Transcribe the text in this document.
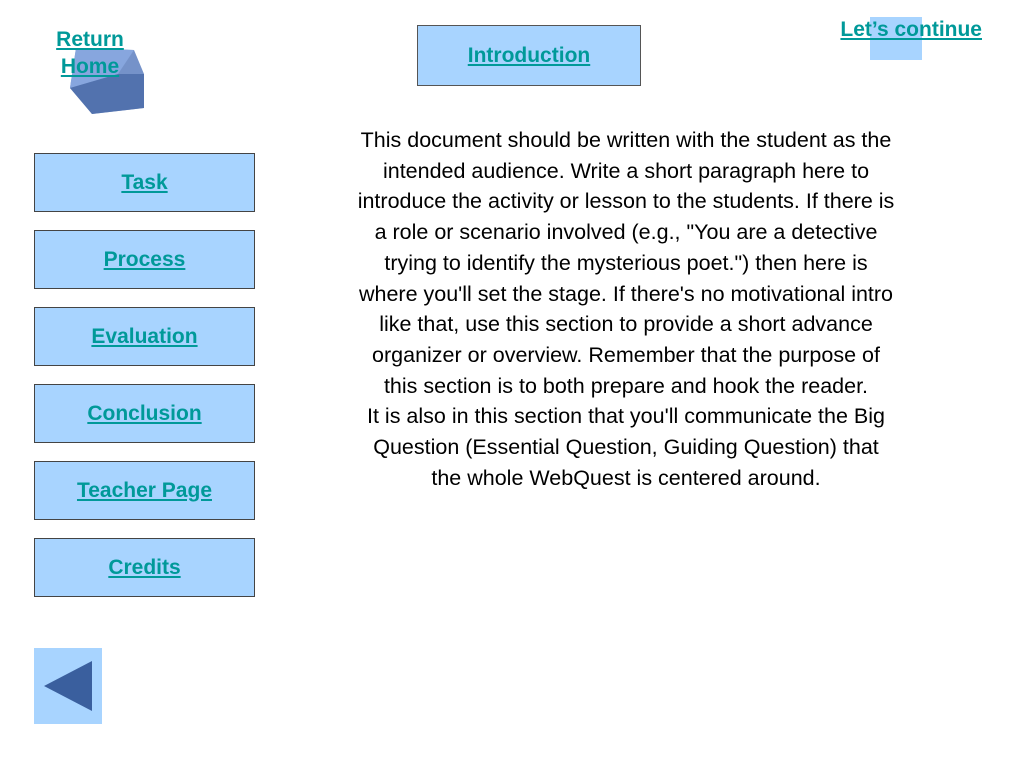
Return
Home
Let’s continue
Introduction
Task
Process
Evaluation
Conclusion
Teacher Page
Credits

This document should be written with the student as the intended audience. Write a short paragraph here to introduce the activity or lesson to the students. If there is a role or scenario involved (e.g., "You are a detective trying to identify the mysterious poet.") then here is where you'll set the stage. If there's no motivational intro like that, use this section to provide a short advance organizer or overview. Remember that the purpose of this section is to both prepare and hook the reader.

It is also in this section that you'll communicate the Big Question (Essential Question, Guiding Question) that the whole WebQuest is centered around.
